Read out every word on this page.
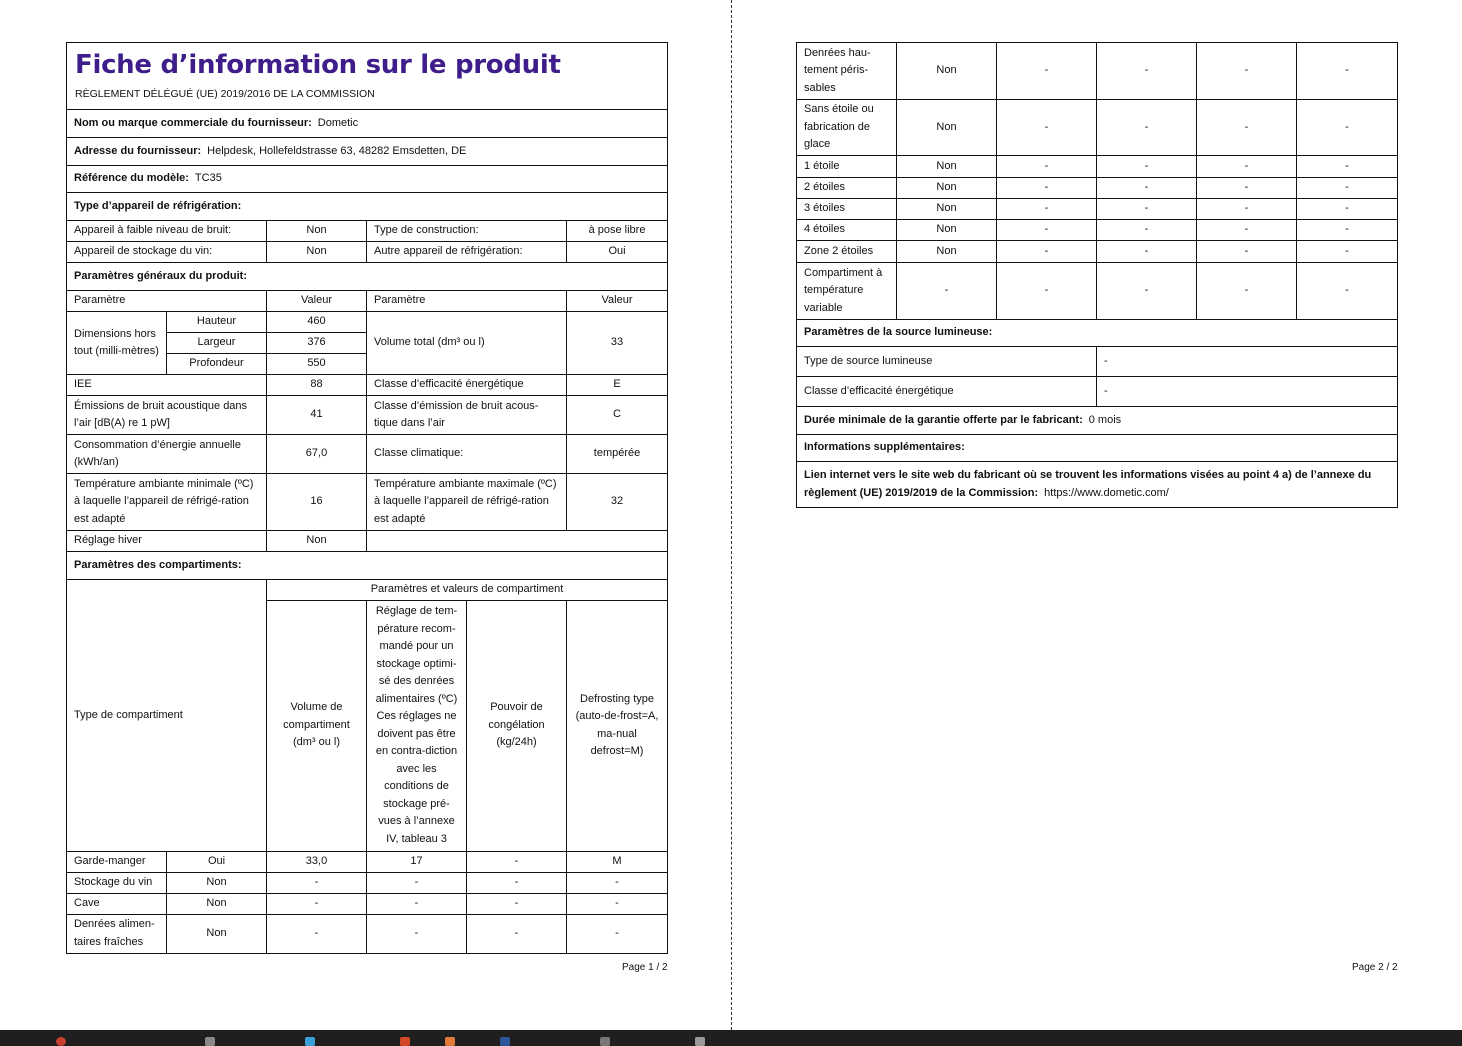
Fiche d’information sur le produit
RÈGLEMENT DÉLÉGUÉ (UE) 2019/2016 DE LA COMMISSION					

Nom ou marque commerciale du fournisseur: Dometic					
Adresse du fournisseur: Helpdesk, Hollefeldstrasse 63, 48282 Emsdetten, DE					
Référence du modèle: TC35					
Type d’appareil de réfrigération:					
Appareil à faible niveau de bruit:		Non	Type de construction:		à pose libre
Appareil de stockage du vin:		Non	Autre appareil de réfrigération:		Oui
Paramètres généraux du produit:					
Paramètre		Valeur	Paramètre		Valeur
Dimensions hors tout (milli-mètres)	Hauteur	460	Volume total (dm³ ou l)		33
	Largeur	376			
	Profondeur	550			
IEE		88	Classe d’efficacité énergétique		E
Émissions de bruit acoustique dans l’air [dB(A) re 1 pW]		41	Classe d’émission de bruit acous-tique dans l’air		C
Consommation d’énergie annuelle (kWh/an)		67,0	Classe climatique:		tempérée
Température ambiante minimale (ºC) à laquelle l’appareil de réfrigé-ration est adapté		16	Température ambiante maximale (ºC) à laquelle l’appareil de réfrigé-ration est adapté		32
Réglage hiver		Non			
Paramètres des compartiments:					
Type de compartiment		Paramètres et valeurs de compartiment			
		Volume de compartiment (dm³ ou l)	Réglage de tem-pérature recom-mandé pour un stockage optimi-sé des denrées alimentaires (ºC) Ces réglages ne doivent pas être en contra-diction avec les conditions de stockage pré-vues à l’annexe IV, tableau 3	Pouvoir de congélation (kg/24h)	Defrosting type (auto-de-frost=A, ma-nual defrost=M)
Garde-manger	Oui	33,0	17	-	M
Stockage du vin	Non	-	-	-	-
Cave	Non	-	-	-	-
Denrées alimen-taires fraîches	Non	-	-	-	-
Page 1 / 2
Denrées hau-tement péris-sables	Non	-	-	-	-
Sans étoile ou fabrication de glace	Non	-	-	-	-
1 étoile	Non	-	-	-	-
2 étoiles	Non	-	-	-	-
3 étoiles	Non	-	-	-	-
4 étoiles	Non	-	-	-	-
Zone 2 étoiles	Non	-	-	-	-
Compartiment à température variable	-	-	-	-	-
Paramètres de la source lumineuse:					
Type de source lumineuse			-		
Classe d’efficacité énergétique			-		
Durée minimale de la garantie offerte par le fabricant: 0 mois					
Informations supplémentaires:					
Lien internet vers le site web du fabricant où se trouvent les informations visées au point 4 a) de l’annexe du règlement (UE) 2019/2019 de la Commission: https://www.dometic.com/					
Page 2 / 2
